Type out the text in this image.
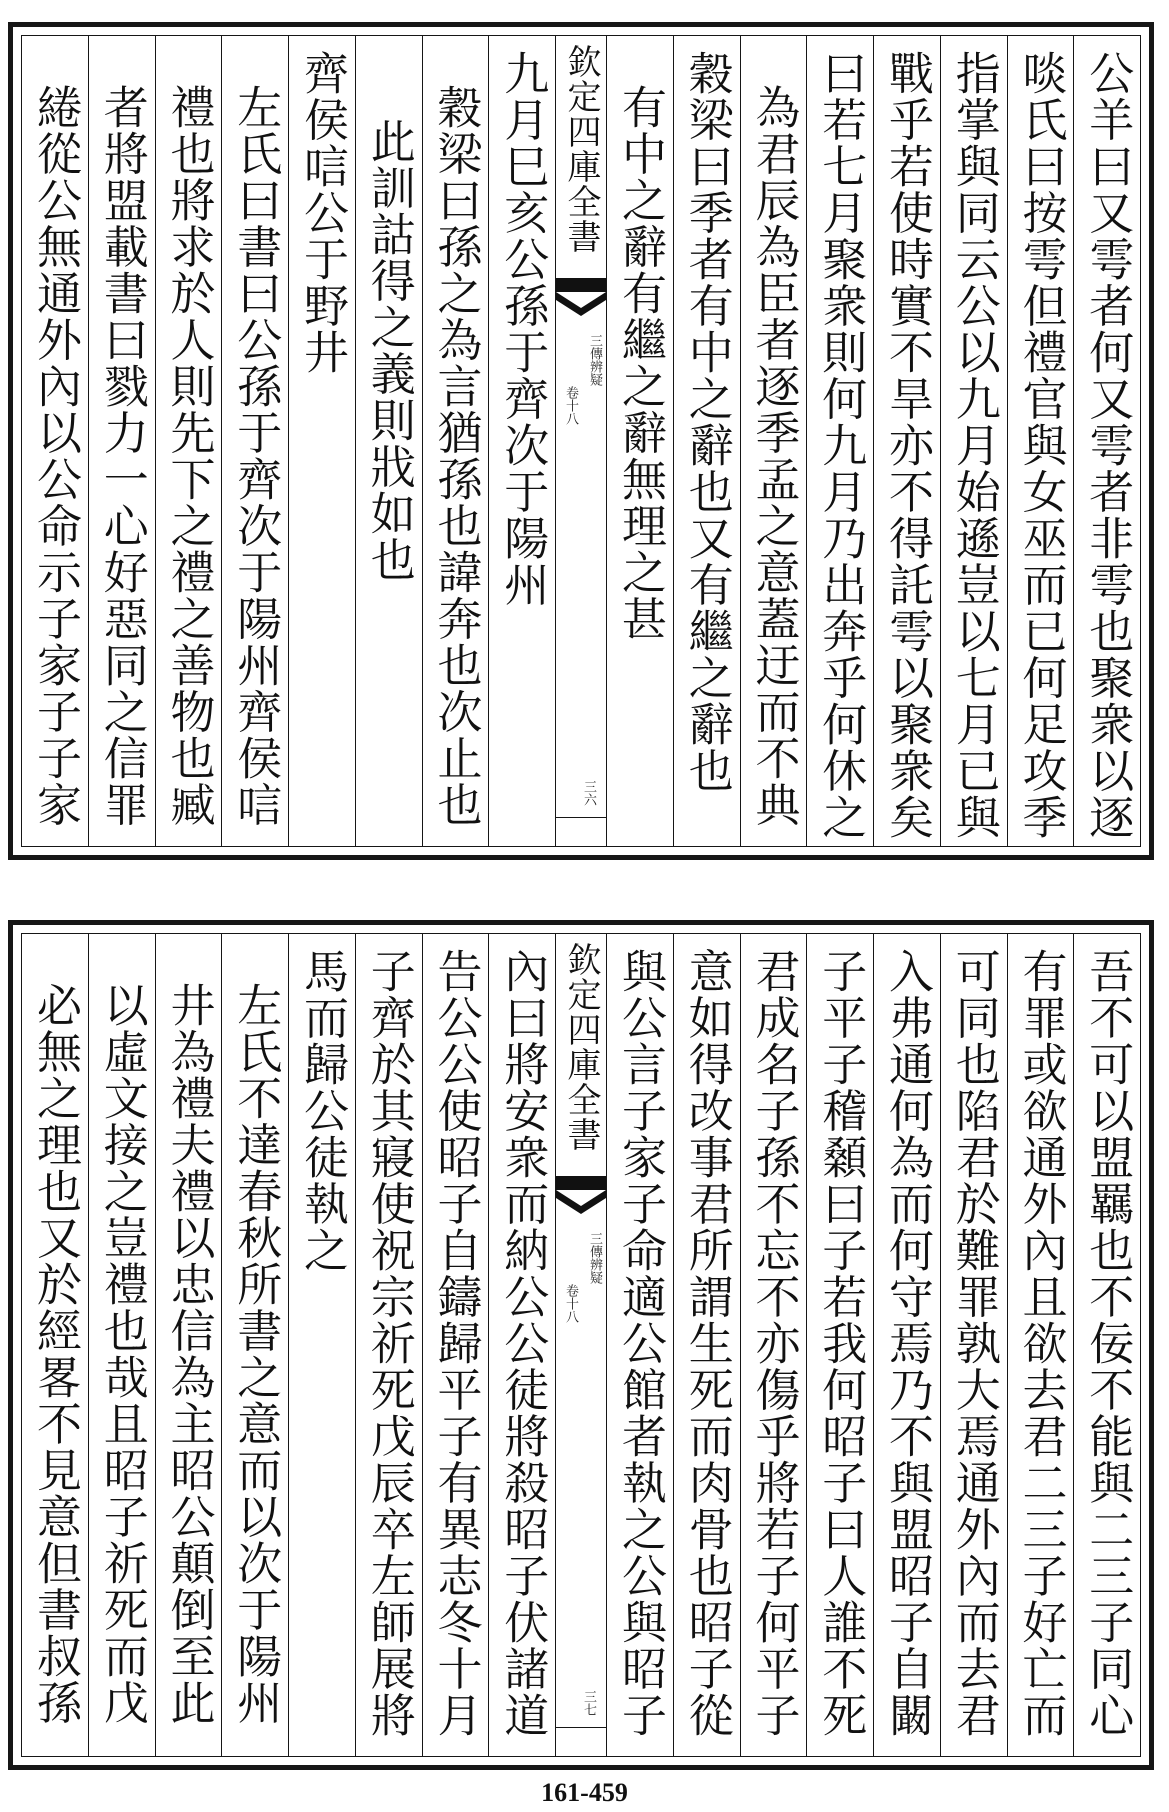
公羊曰又雩者何又雩者非雩也聚衆以逐
啖氏曰按雩但禮官與女巫而已何足攻季
指掌與同云公以九月始遜豈以七月已與
戰乎若使時實不旱亦不得託雩以聚衆矣
曰若七月聚衆則何九月乃出奔乎何休之
為君辰為臣者逐季孟之意蓋迂而不典
穀梁曰季者有中之辭也又有繼之辭也
有中之辭有繼之辭無理之甚
欽定四庫全書
三傳辨疑
卷十八
三六
九月巳亥公孫于齊次于陽州
穀梁曰孫之為言猶孫也諱奔也次止也
此訓詁得之義則戕如也
齊侯唁公于野井
左氏曰書曰公孫于齊次于陽州齊侯唁
禮也將求於人則先下之禮之善物也臧
者將盟載書曰戮力一心好惡同之信罪
綣從公無通外內以公命示子家子子家
吾不可以盟羈也不佞不能與二三子同心
有罪或欲通外內且欲去君二三子好亡而
可同也陷君於難罪孰大焉通外內而去君
入弗通何為而何守焉乃不與盟昭子自闞
子平子稽顙曰子若我何昭子曰人誰不死
君成名子孫不忘不亦傷乎將若子何平子
意如得改事君所謂生死而肉骨也昭子從
與公言子家子命適公館者執之公與昭子
欽定四庫全書
三傳辨疑
卷十八
三七
內曰將安衆而納公公徒將殺昭子伏諸道
告公公使昭子自鑄歸平子有異志冬十月
子齊於其寢使祝宗祈死戊辰卒左師展將
馬而歸公徒執之
左氏不達春秋所書之意而以次于陽州
井為禮夫禮以忠信為主昭公顛倒至此
以虛文接之豈禮也哉且昭子祈死而戊
必無之理也又於經畧不見意但書叔孫
161-459
